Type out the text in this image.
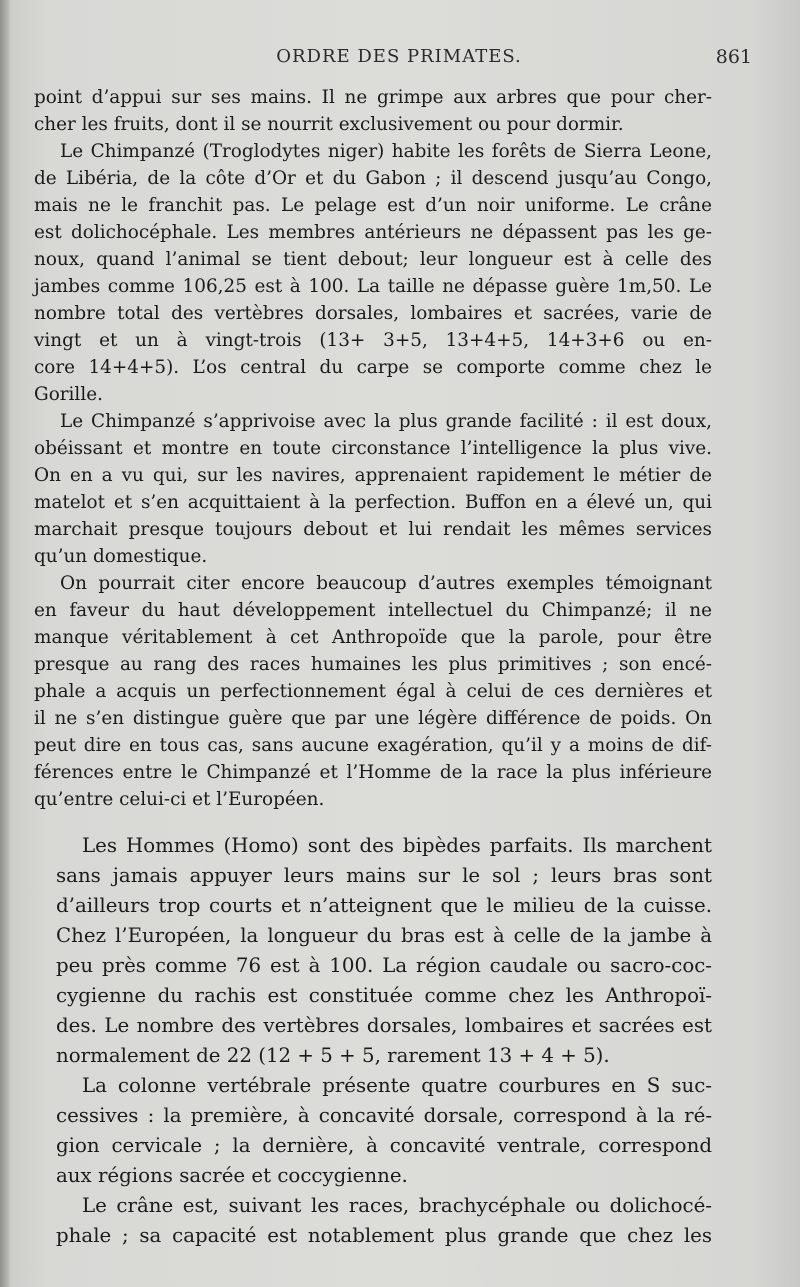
ORDRE DES PRIMATES.	861
point d’appui sur ses mains. Il ne grimpe aux arbres que pour cher-
cher les fruits, dont il se nourrit exclusivement ou pour dormir.
Le Chimpanzé (Troglodytes niger) habite les forêts de Sierra Leone,
de Libéria, de la côte d’Or et du Gabon ; il descend jusqu’au Congo,
mais ne le franchit pas. Le pelage est d’un noir uniforme. Le crâne
est dolichocéphale. Les membres antérieurs ne dépassent pas les ge-
noux, quand l’animal se tient debout; leur longueur est à celle des
jambes comme 106,25 est à 100. La taille ne dépasse guère 1m,50. Le
nombre total des vertèbres dorsales, lombaires et sacrées, varie de
vingt et un à vingt-trois (13+ 3+5, 13+4+5, 14+3+6 ou en-
core 14+4+5). L’os central du carpe se comporte comme chez le
Gorille.
Le Chimpanzé s’apprivoise avec la plus grande facilité : il est doux,
obéissant et montre en toute circonstance l’intelligence la plus vive.
On en a vu qui, sur les navires, apprenaient rapidement le métier de
matelot et s’en acquittaient à la perfection. Buffon en a élevé un, qui
marchait presque toujours debout et lui rendait les mêmes services
qu’un domestique.
On pourrait citer encore beaucoup d’autres exemples témoignant
en faveur du haut développement intellectuel du Chimpanzé; il ne
manque véritablement à cet Anthropoïde que la parole, pour être
presque au rang des races humaines les plus primitives ; son encé-
phale a acquis un perfectionnement égal à celui de ces dernières et
il ne s’en distingue guère que par une légère différence de poids. On
peut dire en tous cas, sans aucune exagération, qu’il y a moins de dif-
férences entre le Chimpanzé et l’Homme de la race la plus inférieure
qu’entre celui-ci et l’Européen.
Les Hommes (Homo) sont des bipèdes parfaits. Ils marchent
sans jamais appuyer leurs mains sur le sol ; leurs bras sont
d’ailleurs trop courts et n’atteignent que le milieu de la cuisse.
Chez l’Européen, la longueur du bras est à celle de la jambe à
peu près comme 76 est à 100. La région caudale ou sacro-coc-
cygienne du rachis est constituée comme chez les Anthropoï-
des. Le nombre des vertèbres dorsales, lombaires et sacrées est
normalement de 22 (12 + 5 + 5, rarement 13 + 4 + 5).
La colonne vertébrale présente quatre courbures en S suc-
cessives : la première, à concavité dorsale, correspond à la ré-
gion cervicale ; la dernière, à concavité ventrale, correspond
aux régions sacrée et coccygienne.
Le crâne est, suivant les races, brachycéphale ou dolichocé-
phale ; sa capacité est notablement plus grande que chez les
